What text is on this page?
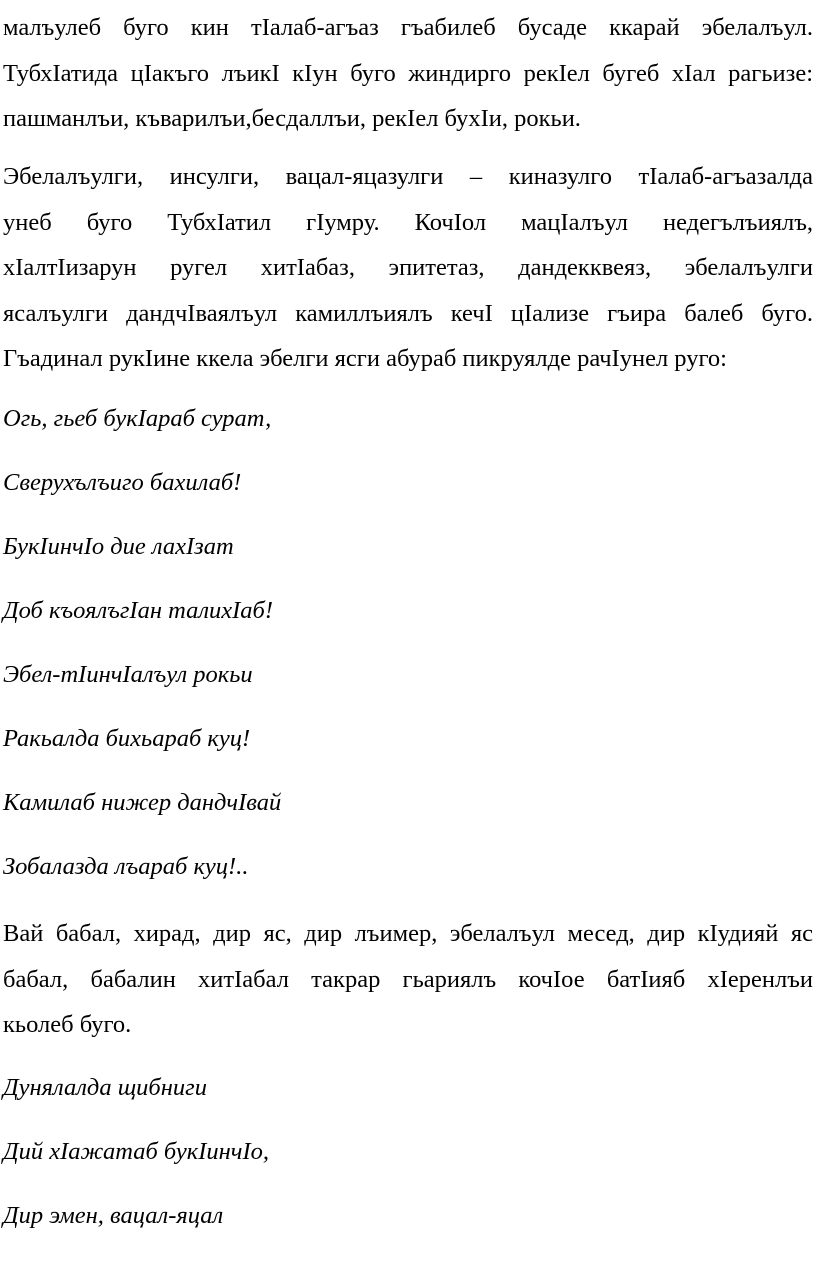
малъулеб буго кин тIалаб-агъаз гъабилеб бусаде ккарай эбелалъул.
ТубхIатида цIакъго лъикI кIун буго жиндирго рекIел бугеб хIал рагьизе:
пашманлъи, къварилъи,бесдаллъи, рекIел бухIи, рокьи.
Эбелалъулги, инсулги, вацал-яцазулги – киназулго тIалаб-агъазалда
унеб буго ТубхIатил гIумру. КочIол мацIалъул недегълъиялъ,
хIалтIизарун ругел хитIабаз, эпитетаз, дандекквеяз, эбелалъулги
ясалъулги дандчIваялъул камиллъиялъ кечI цIализе гъира балеб буго.
Гъадинал рукIине ккела эбелги ясги абураб пикруялде рачIунел руго:
Огь, гьеб букIараб сурат,
Сверухълъиго бахилаб!
БукIинчIо дие лахIзат
Доб къоялъгIан талихIаб!
Эбел-тIинчIалъул рокьи
Ракьалда бихьараб куц!
Камилаб нижер дандчIвай
Зобалазда лъараб куц!..
Вай бабал, хирад, дир яс, дир лъимер, эбелалъул месед, дир кIудияй яс
бабал, бабалин хитIабал такрар гьариялъ кочIое батIияб хIеренлъи
кьолеб буго.
Дунялалда щибниги
Дий хIажатаб букIинчIо,
Дир эмен, вацал-яцал
